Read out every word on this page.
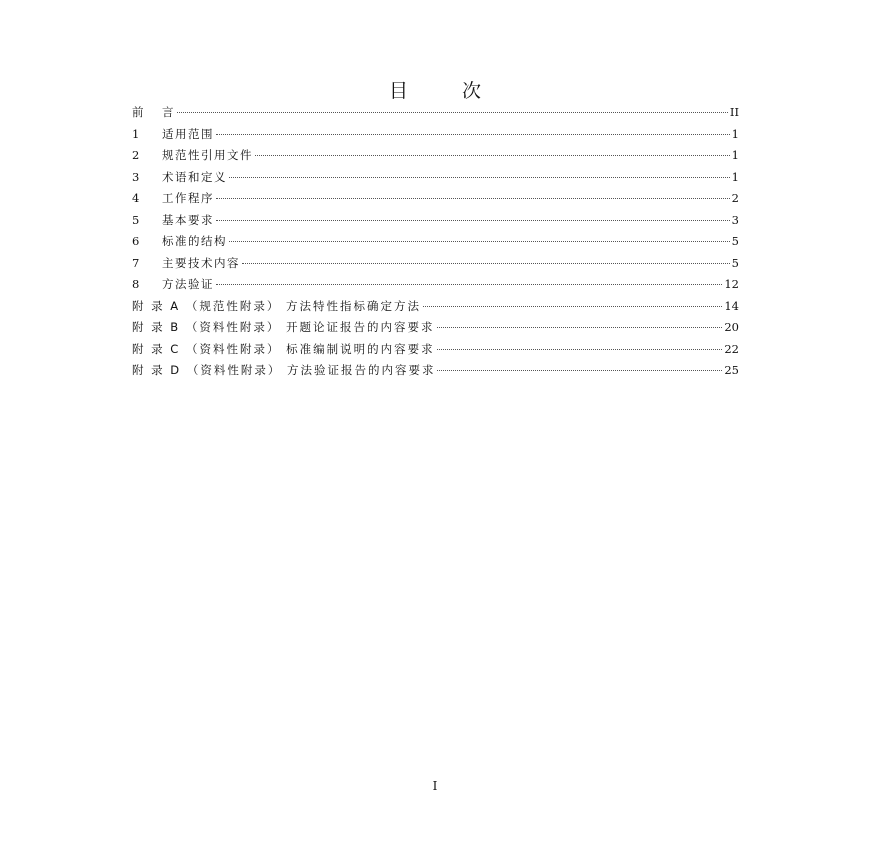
目 次
前	言	II
1	适用范围	1
2	规范性引用文件	1
3	术语和定义	1
4	工作程序	2
5	基本要求	3
6	标准的结构	5
7	主要技术内容	5
8	方法验证	12
附 录 A （规范性附录） 方法特性指标确定方法	14
附 录 B （资料性附录） 开题论证报告的内容要求	20
附 录 C （资料性附录） 标准编制说明的内容要求	22
附 录 D （资料性附录） 方法验证报告的内容要求	25
I
